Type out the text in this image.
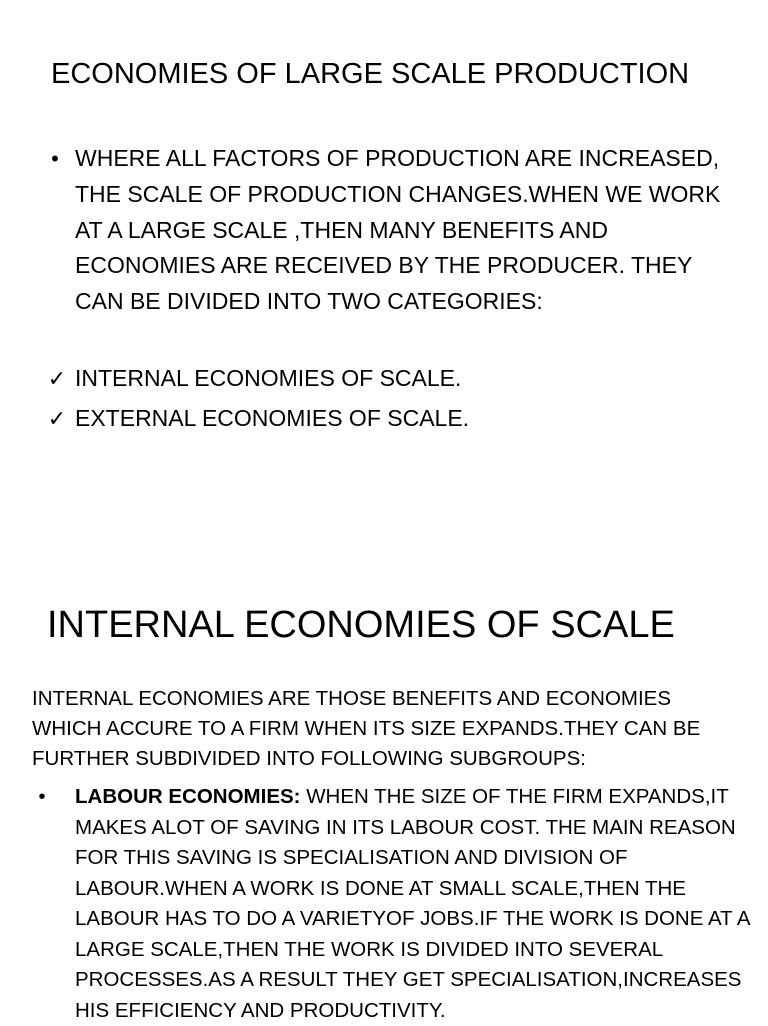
ECONOMIES OF LARGE SCALE PRODUCTION
• WHERE ALL FACTORS OF PRODUCTION ARE INCREASED, THE SCALE OF PRODUCTION CHANGES.WHEN WE WORK AT A LARGE SCALE ,THEN MANY BENEFITS AND ECONOMIES ARE RECEIVED BY THE PRODUCER. THEY CAN BE DIVIDED INTO TWO CATEGORIES:
✓ INTERNAL ECONOMIES OF SCALE.
✓ EXTERNAL ECONOMIES OF SCALE.
INTERNAL ECONOMIES OF SCALE
INTERNAL ECONOMIES ARE THOSE BENEFITS AND ECONOMIES WHICH ACCURE TO A FIRM WHEN ITS SIZE EXPANDS.THEY CAN BE FURTHER SUBDIVIDED INTO FOLLOWING SUBGROUPS:
•	LABOUR ECONOMIES: WHEN THE SIZE OF THE FIRM EXPANDS,IT MAKES ALOT OF SAVING IN ITS LABOUR COST. THE MAIN REASON FOR THIS SAVING IS SPECIALISATION AND DIVISION OF LABOUR.WHEN A WORK IS DONE AT SMALL SCALE,THEN THE LABOUR HAS TO DO A VARIETYOF JOBS.IF THE WORK IS DONE AT A LARGE SCALE,THEN THE WORK IS DIVIDED INTO SEVERAL PROCESSES.AS A RESULT THEY GET SPECIALISATION,INCREASES HIS EFFICIENCY AND PRODUCTIVITY.
